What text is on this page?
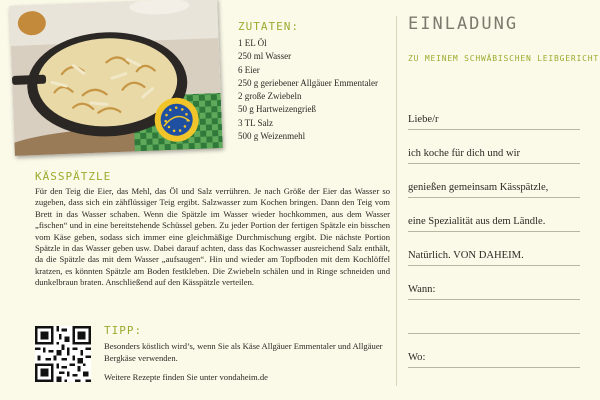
ZUTATEN:
1 EL Öl
250 ml Wasser
6 Eier
250 g geriebener Allgäuer Emmentaler
2 große Zwiebeln
50 g Hartweizengrieß
3 TL Salz
500 g Weizenmehl
KÄSSPÄTZLE

Für den Teig die Eier, das Mehl, das Öl und Salz verrühren. Je nach Größe der Eier das Wasser so zugeben, dass sich ein zähflüssiger Teig ergibt. Salzwasser zum Kochen bringen. Dann den Teig vom Brett in das Wasser schaben. Wenn die Spätzle im Wasser wieder hochkommen, aus dem Wasser „fischen“ und in eine bereitstehende Schüssel geben. Zu jeder Portion der fertigen Spätzle ein bisschen vom Käse geben, sodass sich immer eine gleichmäßige Durchmischung ergibt. Die nächste Portion Spätzle in das Wasser geben usw. Dabei darauf achten, dass das Kochwasser ausreichend Salz enthält, da die Spätzle das mit dem Wasser „aufsaugen“. Hin und wieder am Topfboden mit dem Kochlöffel kratzen, es könnten Spätzle am Boden festkleben. Die Zwiebeln schälen und in Ringe schneiden und dunkelbraun braten. Anschließend auf den Kässpätzle verteilen.

TIPP:

Besonders köstlich wird’s, wenn Sie als Käse Allgäuer Emmentaler und Allgäuer Bergkäse verwenden.

Weitere Rezepte finden Sie unter vondaheim.de

EINLADUNG
ZU MEINEM SCHWÄBISCHEN LEIBGERICHT
Liebe/r
ich koche für dich und wir
genießen gemeinsam Kässpätzle,
eine Spezialität aus dem Ländle.
Natürlich. VON DAHEIM.
Wann:
Wo:
